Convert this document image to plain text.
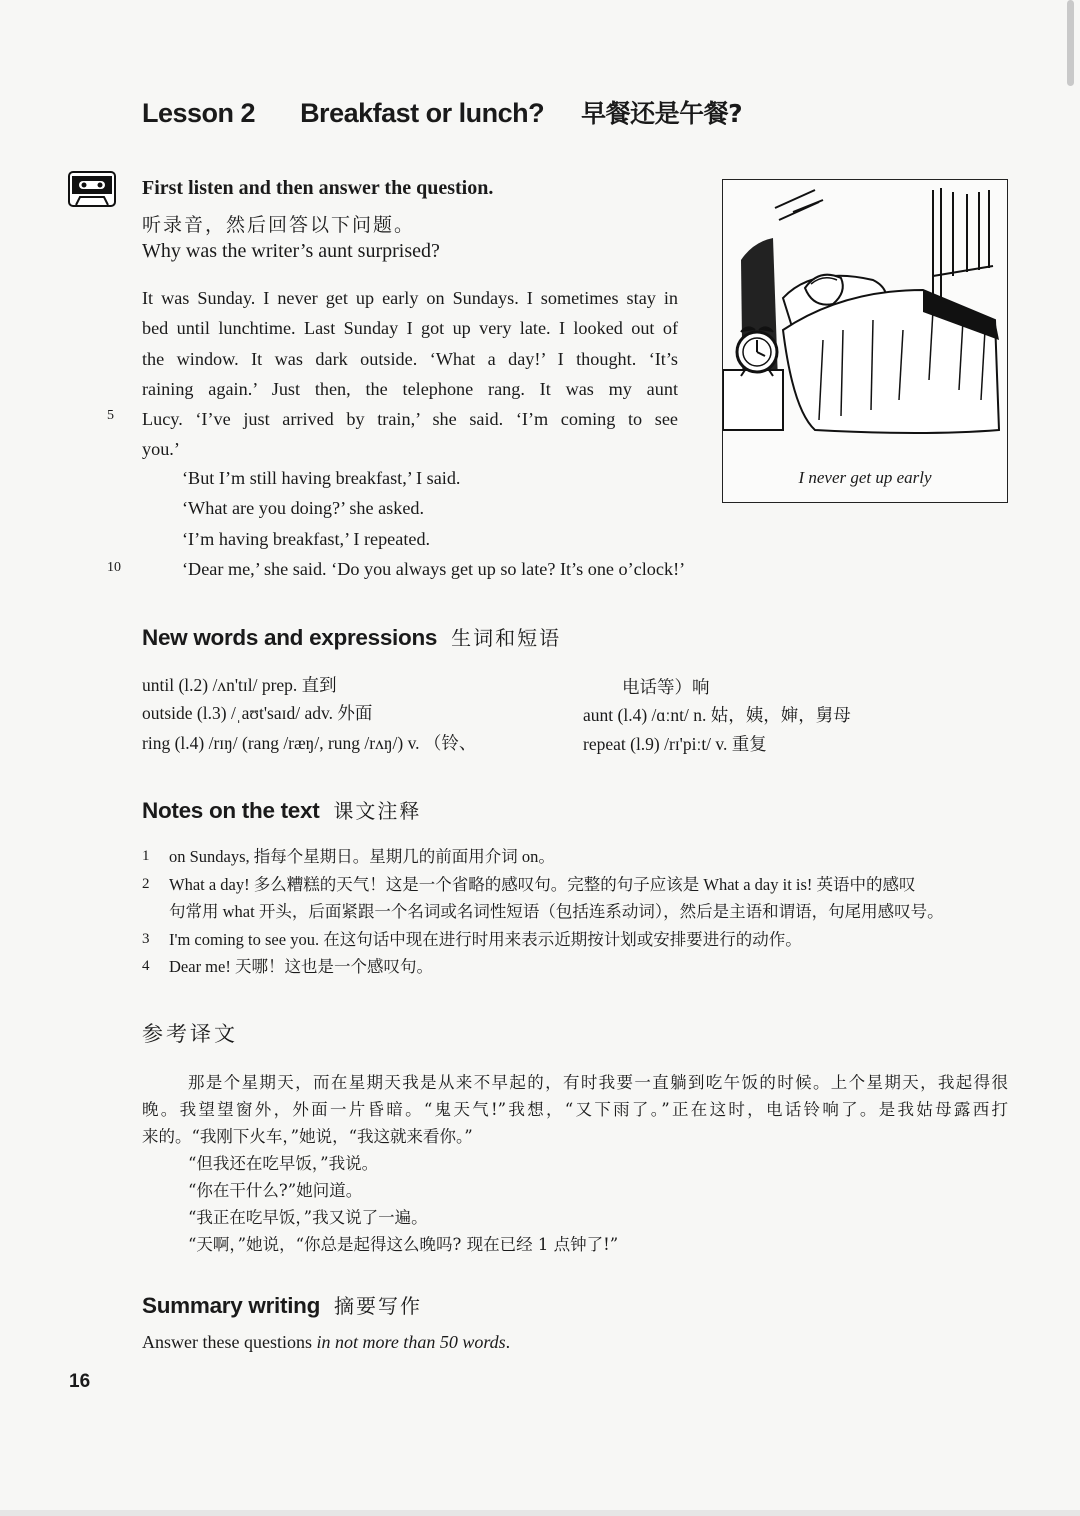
Lesson 2 Breakfast or lunch? 早餐还是午餐?
First listen and then answer the question.
听录音，然后回答以下问题。
Why was the writer’s aunt surprised?
It was Sunday. I never get up early on Sundays. I sometimes stay in
bed until lunchtime. Last Sunday I got up very late. I looked out of
the window. It was dark outside. ‘What a day!’ I thought. ‘It’s
raining again.’ Just then, the telephone rang. It was my aunt
Lucy. ‘I’ve just arrived by train,’ she said. ‘I’m coming to see
you.’
5
‘But I’m still having breakfast,’ I said.
‘What are you doing?’ she asked.
‘I’m having breakfast,’ I repeated.
‘Dear me,’ she said. ‘Do you always get up so late? It’s one o’clock!’
10
I never get up early
New words and expressions 生词和短语
until (l.2) /ʌn'tɪl/ prep. 直到
outside (l.3) /ˌaʊt'saɪd/ adv. 外面
ring (l.4) /rɪŋ/ (rang /ræŋ/, rung /rʌŋ/) v. （铃、
电话等）响
aunt (l.4) /ɑːnt/ n. 姑，姨，婶，舅母
repeat (l.9) /rɪ'piːt/ v. 重复
Notes on the text 课文注释
1 on Sundays, 指每个星期日。星期几的前面用介词 on。
2 What a day! 多么糟糕的天气！这是一个省略的感叹句。完整的句子应该是 What a day it is! 英语中的感叹
句常用 what 开头，后面紧跟一个名词或名词性短语（包括连系动词），然后是主语和谓语，句尾用感叹号。
3 I'm coming to see you. 在这句话中现在进行时用来表示近期按计划或安排要进行的动作。
4 Dear me! 天哪！这也是一个感叹句。
参考译文
那是个星期天，而在星期天我是从来不早起的，有时我要一直躺到吃午饭的时候。上个星期天，我起得很
晚。我望望窗外，外面一片昏暗。“鬼天气!”我想，“又下雨了。”正在这时，电话铃响了。是我姑母露西打
来的。“我刚下火车，”她说，“我这就来看你。”
“但我还在吃早饭，”我说。
“你在干什么?”她问道。
“我正在吃早饭，”我又说了一遍。
“天啊，”她说，“你总是起得这么晚吗? 现在已经 1 点钟了!”
Summary writing 摘要写作
Answer these questions in not more than 50 words.
16
